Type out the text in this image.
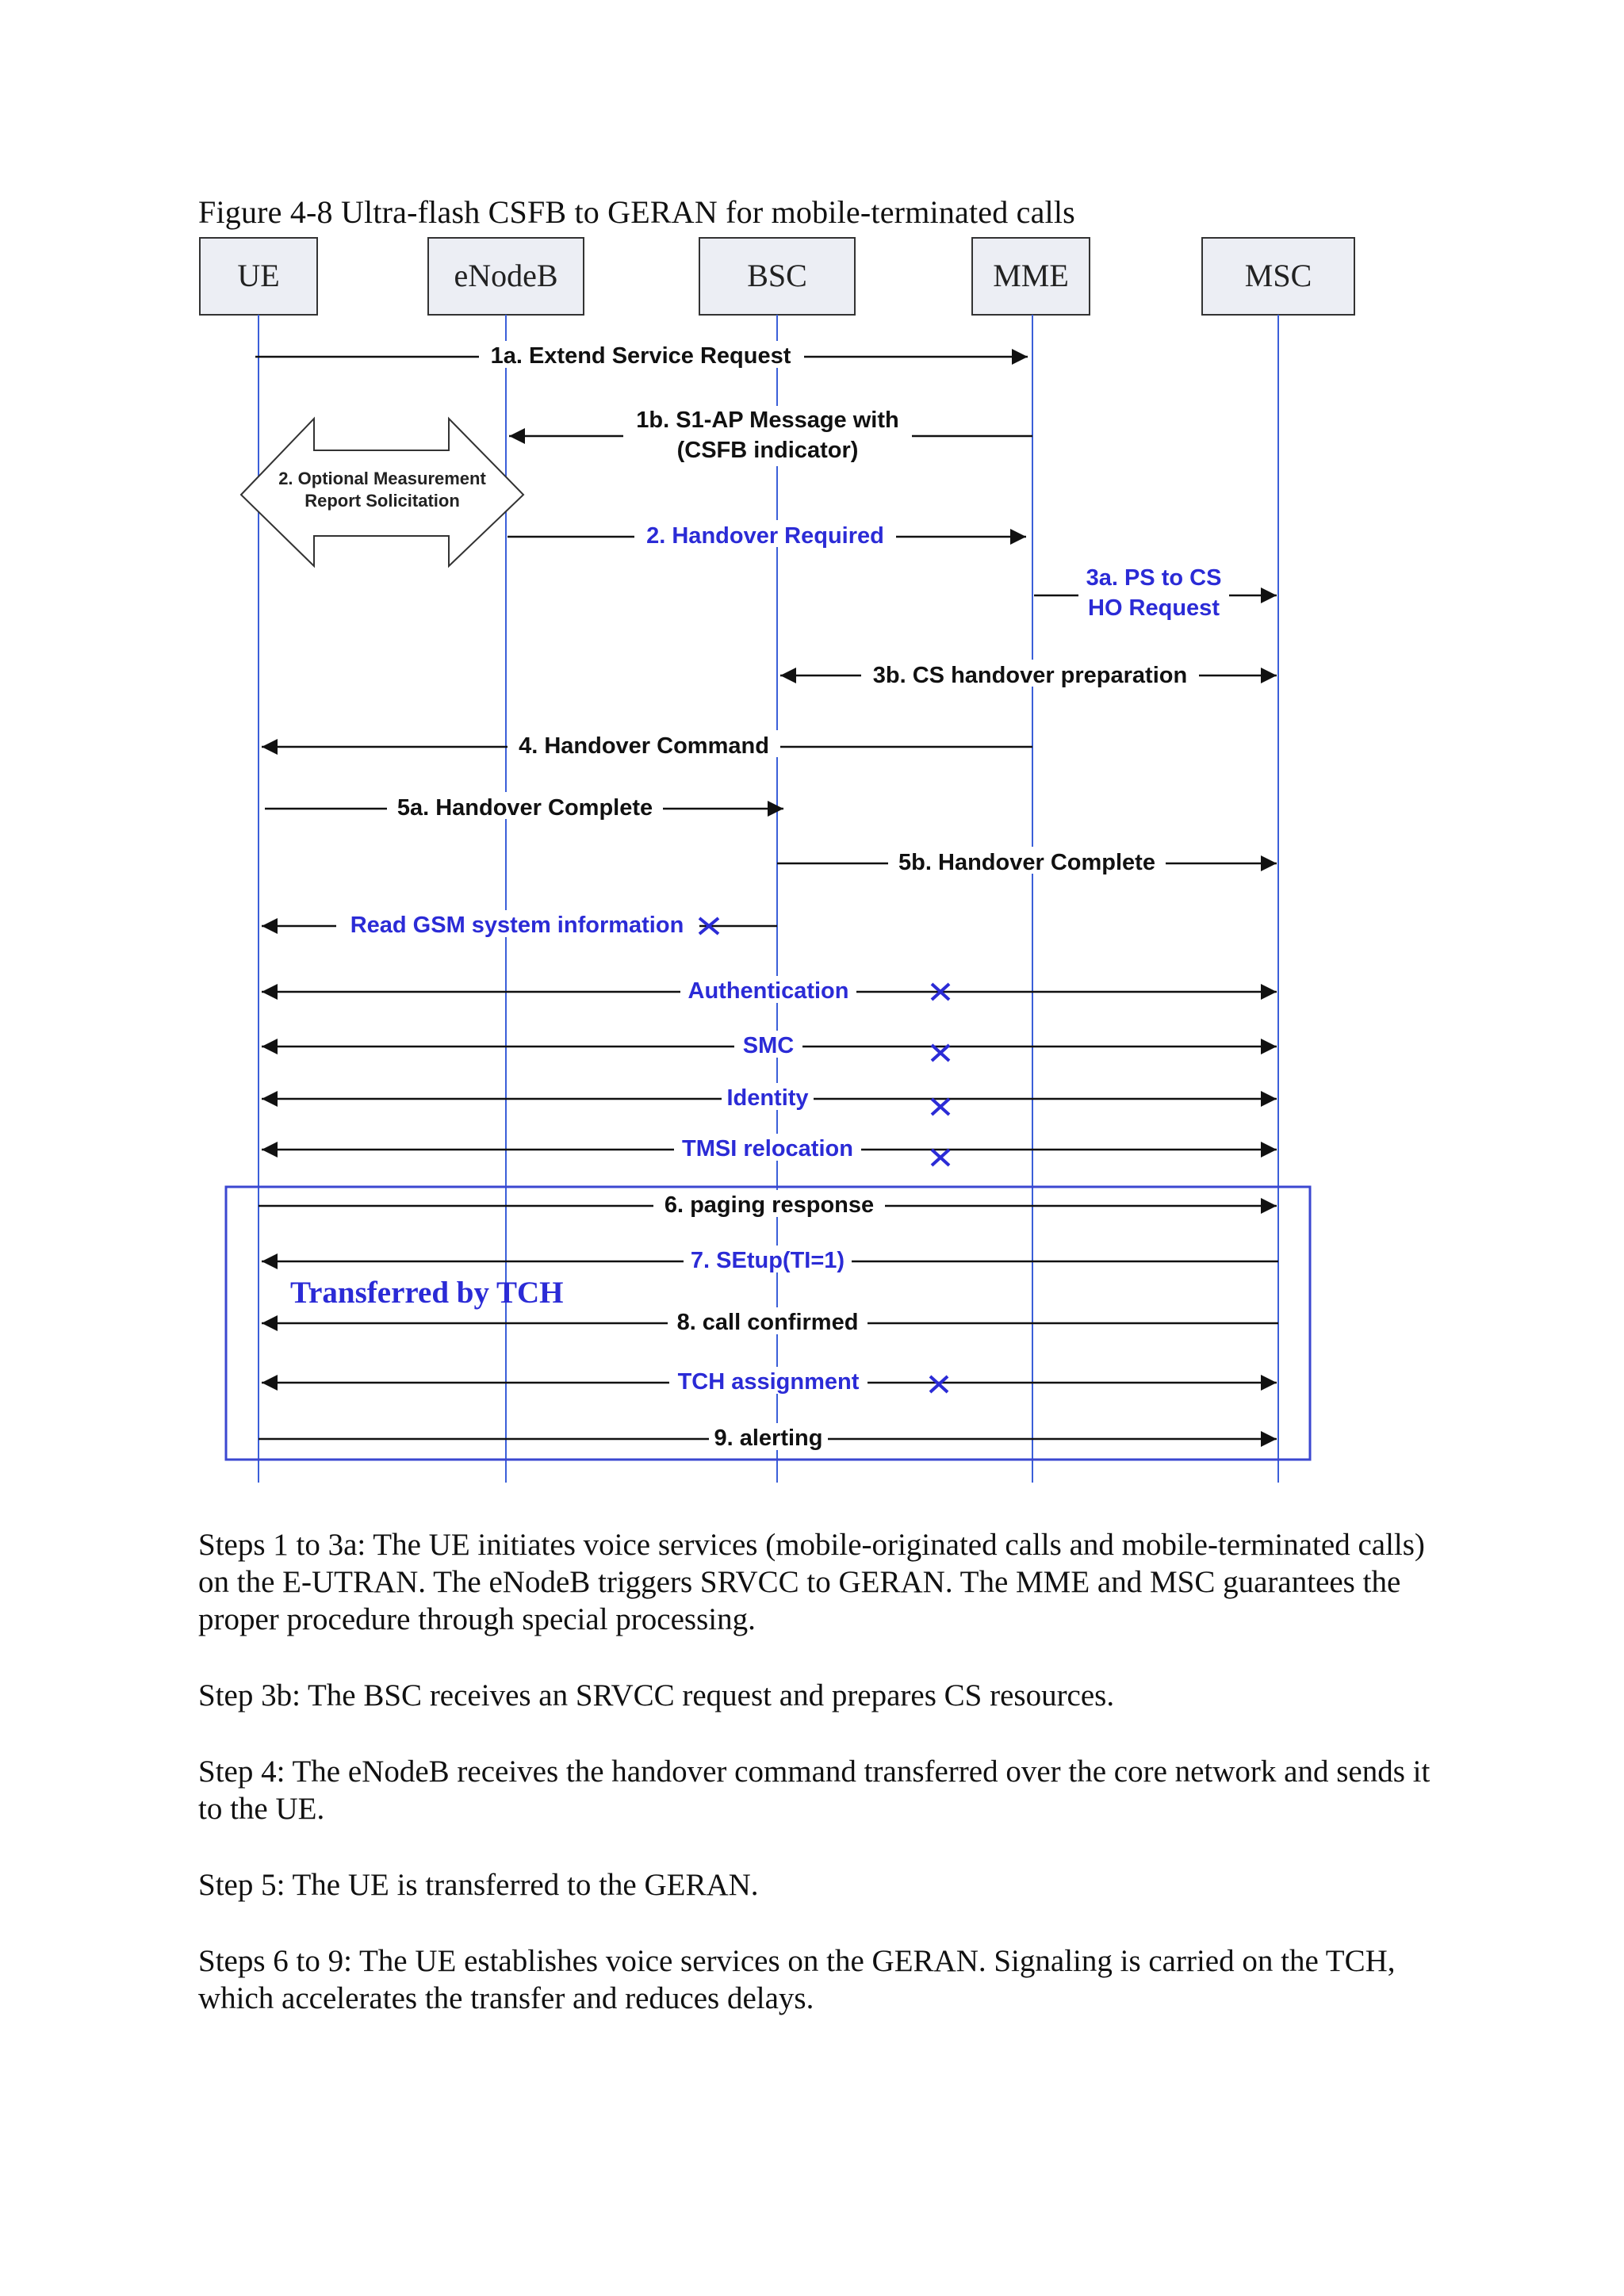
Figure 4-8 Ultra-flash CSFB to GERAN for mobile-terminated calls
UE	eNodeB	BSC	MME	MSC
Transferred by TCH
2. Optional Measurement
Report Solicitation
1a. Extend Service Request
1b. S1-AP Message with
(CSFB indicator)
2. Handover Required
3a. PS to CS
HO Request
3b. CS handover preparation
4. Handover Command
5a. Handover Complete
5b. Handover Complete
Read GSM system information
Authentication
SMC
Identity
TMSI relocation
6. paging response
7. SEtup(TI=1)
8. call confirmed
TCH assignment
9. alerting

Steps 1 to 3a: The UE initiates voice services (mobile-originated calls and mobile-terminated calls) on the E-UTRAN. The eNodeB triggers SRVCC to GERAN. The MME and MSC guarantees the proper procedure through special processing.

Step 3b: The BSC receives an SRVCC request and prepares CS resources.

Step 4: The eNodeB receives the handover command transferred over the core network and sends it to the UE.

Step 5: The UE is transferred to the GERAN.

Steps 6 to 9: The UE establishes voice services on the GERAN. Signaling is carried on the TCH, which accelerates the transfer and reduces delays.
